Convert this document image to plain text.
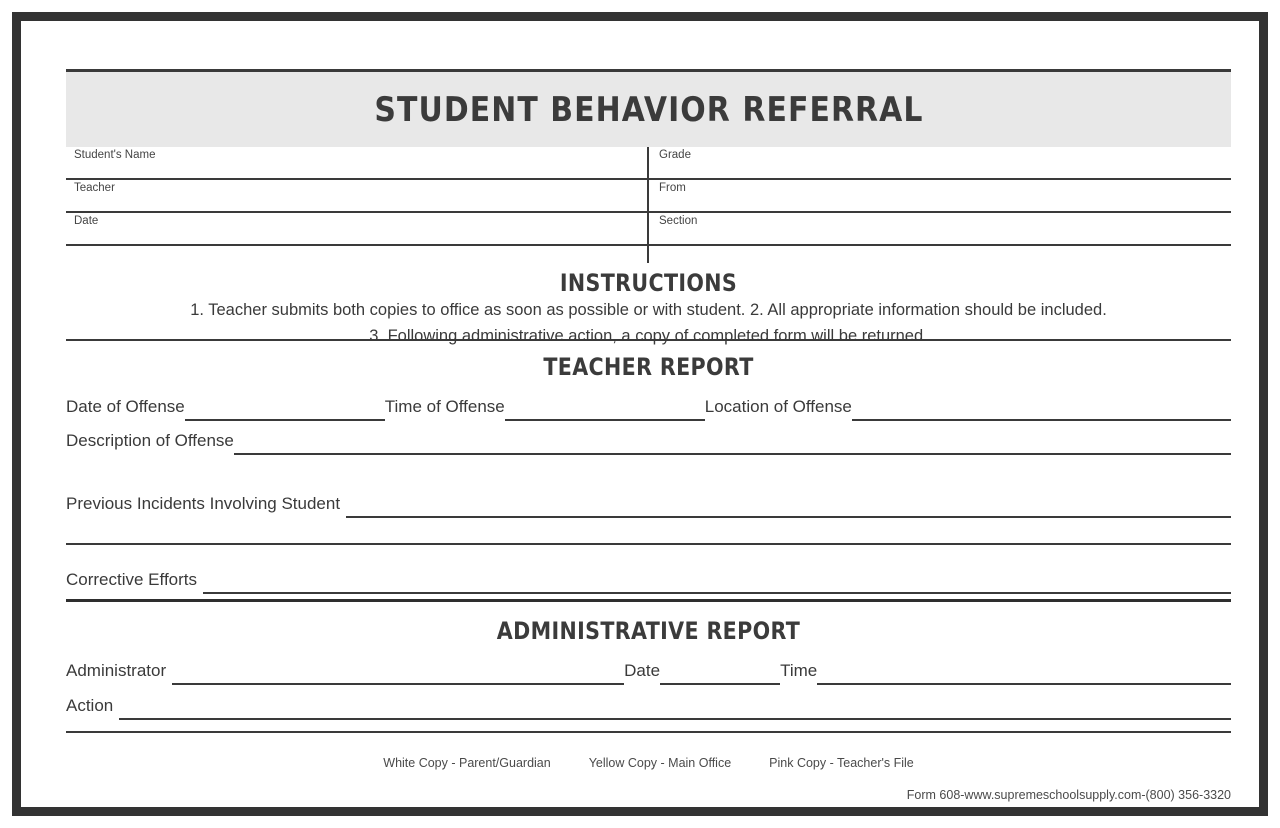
STUDENT BEHAVIOR REFERRAL
Student's Name	Grade
Teacher	From
Date	Section
INSTRUCTIONS
1. Teacher submits both copies to office as soon as possible or with student. 2. All appropriate information should be included.
3. Following administrative action, a copy of completed form will be returned.
TEACHER REPORT
Date of Offense	Time of Offense	Location of Offense
Description of Offense
Previous Incidents Involving Student
Corrective Efforts
ADMINISTRATIVE REPORT
Administrator	Date	Time
Action
White Copy - Parent/Guardian	Yellow Copy - Main Office	Pink Copy - Teacher's File
Form 608-www.supremeschoolsupply.com-(800) 356-3320
